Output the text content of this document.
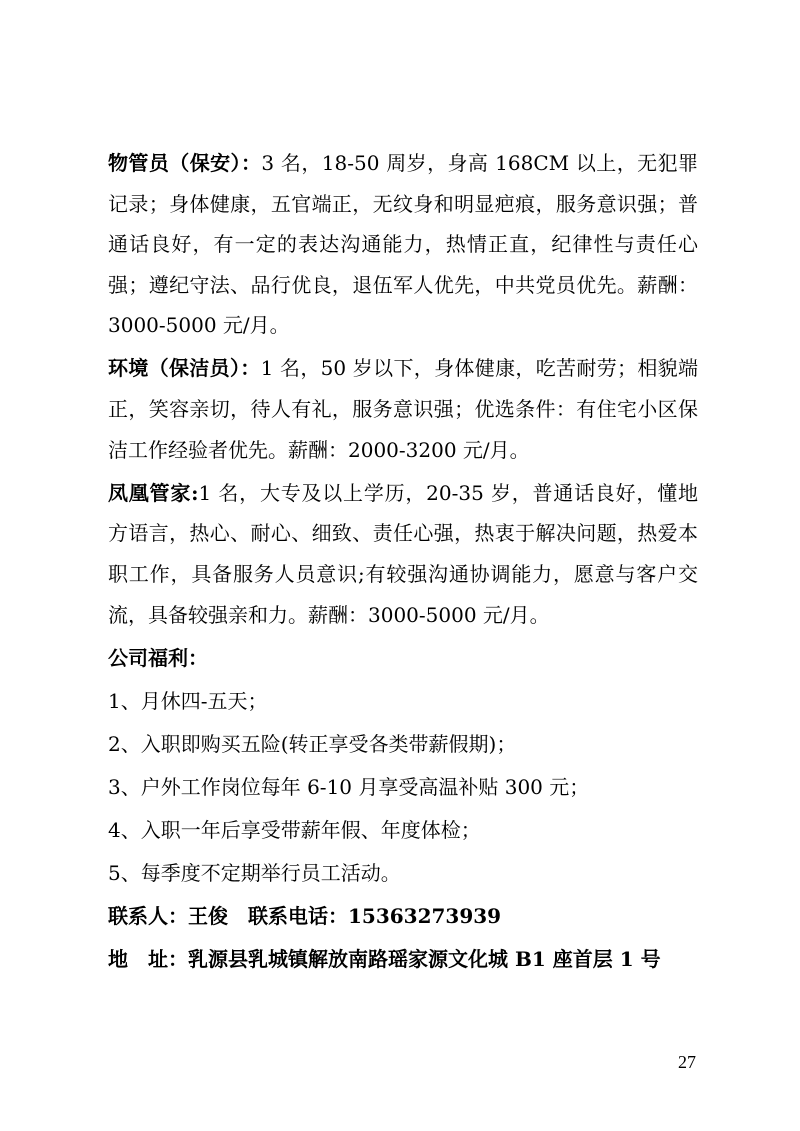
物管员（保安）：3 名，18-50 周岁，身高 168CM 以上，无犯罪记录；身体健康，五官端正，无纹身和明显疤痕，服务意识强；普通话良好，有一定的表达沟通能力，热情正直，纪律性与责任心强；遵纪守法、品行优良，退伍军人优先，中共党员优先。薪酬：3000-5000 元/月。

环境（保洁员）：1 名，50 岁以下，身体健康，吃苦耐劳；相貌端正，笑容亲切，待人有礼，服务意识强；优选条件：有住宅小区保洁工作经验者优先。薪酬：2000-3200 元/月。

凤凰管家:1 名，大专及以上学历，20-35 岁，普通话良好，懂地方语言，热心、耐心、细致、责任心强，热衷于解决问题，热爱本职工作，具备服务人员意识;有较强沟通协调能力，愿意与客户交流，具备较强亲和力。薪酬：3000-5000 元/月。

公司福利：
1、月休四-五天；
2、入职即购买五险(转正享受各类带薪假期)；
3、户外工作岗位每年 6-10 月享受高温补贴 300 元；
4、入职一年后享受带薪年假、年度体检；
5、每季度不定期举行员工活动。
联系人：王俊 联系电话：15363273939
地　址：乳源县乳城镇解放南路瑶家源文化城 B1 座首层 1 号
27
